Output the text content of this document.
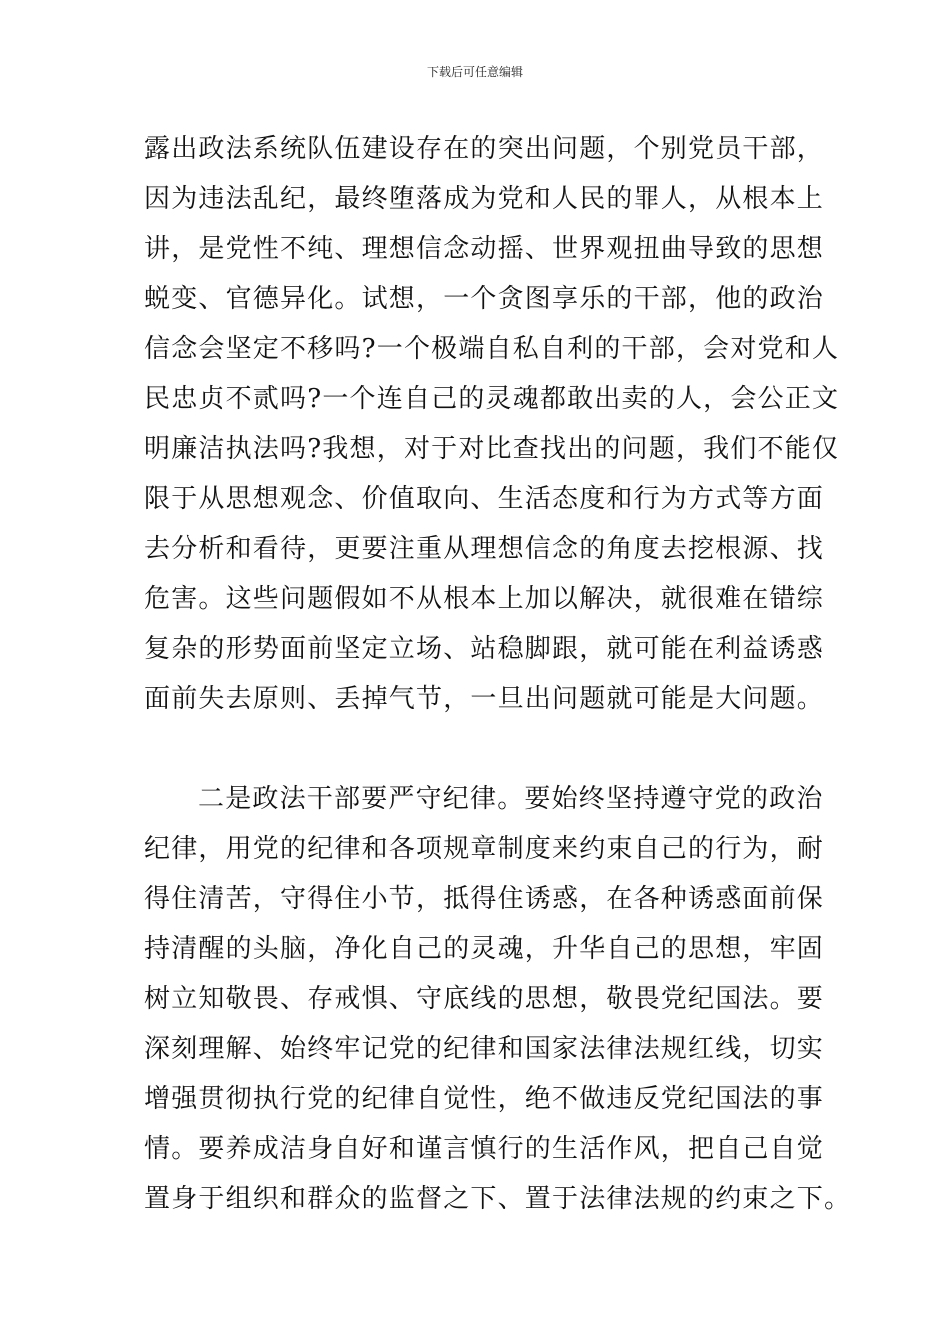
下载后可任意编辑
露出政法系统队伍建设存在的突出问题，个别党员干部，
因为违法乱纪，最终堕落成为党和人民的罪人，从根本上
讲，是党性不纯、理想信念动摇、世界观扭曲导致的思想
蜕变、官德异化。试想，一个贪图享乐的干部，他的政治
信念会坚定不移吗?一个极端自私自利的干部，会对党和人
民忠贞不贰吗?一个连自己的灵魂都敢出卖的人，会公正文
明廉洁执法吗?我想，对于对比查找出的问题，我们不能仅
限于从思想观念、价值取向、生活态度和行为方式等方面
去分析和看待，更要注重从理想信念的角度去挖根源、找
危害。这些问题假如不从根本上加以解决，就很难在错综
复杂的形势面前坚定立场、站稳脚跟，就可能在利益诱惑
面前失去原则、丢掉气节，一旦出问题就可能是大问题。
二是政法干部要严守纪律。要始终坚持遵守党的政治
纪律，用党的纪律和各项规章制度来约束自己的行为，耐
得住清苦，守得住小节，抵得住诱惑，在各种诱惑面前保
持清醒的头脑，净化自己的灵魂，升华自己的思想，牢固
树立知敬畏、存戒惧、守底线的思想，敬畏党纪国法。要
深刻理解、始终牢记党的纪律和国家法律法规红线，切实
增强贯彻执行党的纪律自觉性，绝不做违反党纪国法的事
情。要养成洁身自好和谨言慎行的生活作风，把自己自觉
置身于组织和群众的监督之下、置于法律法规的约束之下。
